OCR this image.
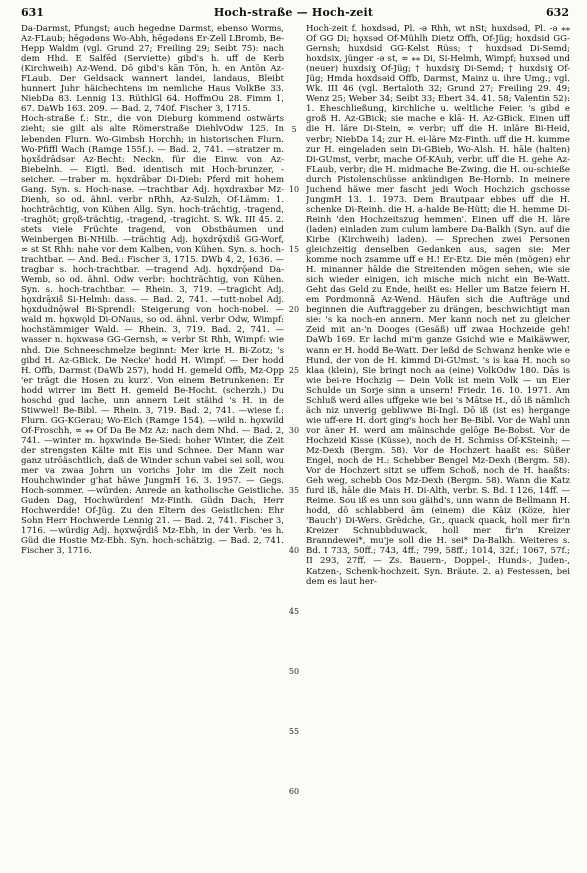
631	Hoch-straße — Hoch-zeit	632

Da-Darmst, Pfungst; auch hegedne Darmst, ebenso Worms, Az-FLaub; hēgǝdǝns Wo-Abh, hēgǝdǝns Er-Zell LBromb, Be-Hepp Waldm (vgl. Grund 27; Freiling 29; Seibt 75): nach dem Hhd. E Salfēd (Serviette) gibd's h. uff de Kerb (Kirchweih) Az-Wend. Dō gibd's kān Tōn, h. en Antōn Az-FLaub. Der Geldsack wannert landei, landaus, Bleibt hunnert Juhr häichechtens im nemliche Haus VolkBe 33. NiebDa 83. Lennig 13. RüthlGl 64. HoffmOu 28. Fimm 1, 67. DaWb 163. 209. — Bad. 2, 740f. Fischer 3, 1715.

Hoch-straße f.: Str., die von Dieburg kommend ostwärts zieht; sie gilt als alte Römerstraße DiehlvOdw 125. In lebenden Flurn. Wo-Gimbsh Horchh; in historischen Flurn. Wo-Pfiffl Wach (Ramge 155f.). — Bad. 2, 741. —stratzer m. hǫxšdrādsǝr Az-Becht: Neckn. für die Einw. von Az-Biebelnh. — Eigtl. Bed. identisch mit Hoch-brunzer, -seicher. —traber m. hǫxdrābǝr Di-Dieb: Pferd mit hohem Gang. Syn. s. Hoch-nase. —trachtbar Adj. hǫxdraxbǝr Mz-Dienh, so od. ähnl. verbr nRhh, Az-Sulzh, Of-Lämm: 1. hochträchtig, von Kühen Allg. Syn. hoch-trächtig, -tragend, -traghöt; grǫß-trächtig, -tragend, -tragicht. S. Wk. III 45. 2. stets viele Früchte tragend, von Obstbäumen und Weinbergen Bi-NHilb. —trächtig Adj. hǫxdrę̄xdiš GG-Worf, ∞ st St Rhh: nahe vor dem Kalben, von Kühen. Syn. s. hoch-trachtbar. — And. Bed.: Fischer 3, 1715. DWb 4, 2, 1636. —tragbar s. hoch-trachtbar. —tragend Adj. hǫxdrǭǝnd Da-Wemb, so od. ähnl. Odw verbr: hochträchtig, von Kühen. Syn. s. hoch-trachtbar. — Rhein. 3, 719. —tragicht Adj. hǫxdrā̜xiš Si-Helmh: dass. — Bad. 2, 741. —tutt-nobel Adj. hǫxdudnǭwǝl Bi-Sprendl: Steigerung von hoch-nobel. —wald m. hǫxwǫld Di-ONaus, so od. ähnl. verbr Odw, Wimpf: hochstämmiger Wald. — Rhein. 3, 719. Bad. 2, 741. —wasser n. hǫxwasǝ GG-Gernsh, ∞ verbr St Rhh, Wimpf: wie nhd. Die Schneeschmelze beginnt: Mer krie H. Bi-Zotz; 's gibd H. Az-GBick. De Necke' hodd H. Wimpf. — Der hodd H. Offb, Darmst (DaWb 257), hodd H. gemeld Offb, Mz-Opp 'er trägt die Hosen zu kurz'. Von einem Betrunkenen: Er hodd wirrer im Bett H. gemeld Be-Hocht. (scherzh.) Du hoschd gud lache, unn annern Leit stäihd 's H. in de Stiwwel! Be-Bibl. — Rhein. 3, 719. Bad. 2, 741. —wiese f.: Flurn. GG-KGerau; Wo-Eich (Ramge 154). —wild n. hǫxwild Of-Froschh, ∞ ⁎⁎ Of Da Be Mz Az: nach dem Nhd. — Bad. 2, 741. —winter m. hǫxwindǝ Be-Sied: hoher Winter, die Zeit der strengsten Kälte mit Eis und Schnee. Der Mann war ganz utrōäschtlich, daß de Winder schun vabei sei soll, wou mer va zwaa Johrn un vorichs Johr im die Zeit noch Houhchwinder g'hat häwe JungmH 16. 3. 1957. — Gegs. Hoch-sommer. —würden: Anrede an katholische Geistliche. Guden Dag, Hochwürden! Mz-Finth. Güdn Dach, Herr Hochwerdde! Of-Jüg. Zu den Eltern des Geistlichen: Ehr Sohn Herr Hochwerde Lennig 21. — Bad. 2, 741. Fischer 3, 1716. —würdig Adj. hǫxwę̄rdiš Mz-Ebh, in der Verb. 'es h. Güd die Hostie Mz-Ebh. Syn. hoch-schätzig. — Bad. 2, 741. Fischer 3, 1716.

5
10
15
20
25
30
35
40
45
50
55
60

Hoch-zeit f. hoxdsǝd, Pl. -ǝ Rhh, wt nSt; huxdsǝd, Pl. -ǝ ⁎⁎ Of GG Di; hǫxsǝd Of-Mühlh Dietz Offh, Of-Jüg; hoxdsid GG-Gernsh; huxdsid GG-Kelst Rüss; † huxdsǝd Di-Semd; hoxdsix, jünger -ǝ st, ∞ ⁎⁎ Di, Si-Helmh, Wimpf; huxsǝd und (neuer) huxdsiɣ Of-Jüg; † huxdsiɣ Di-Semd; † huxdsiɣ Of-Jüg; Hmda hoxdsǝid Offb, Darmst, Mainz u. ihre Umg.; vgl. Wk. III 46 (vgl. Bertaloth 32; Grund 27; Freiling 29. 49; Wenz 25; Weber 34; Seibt 33; Ebert 34. 41. 58; Valentin 52): 1. Eheschließung, kirchliche u. weltliche Feier. 's gibd e groß H. Az-GBick; sie mache e klā- H. Az-GBick. Einen uff die H. läre Di-Stein, ∞ verbr; uff die H. inläre Bi-Heid, verbr; NiebDa 14; zur H. ei-läre Mz-Finth. uff die H. kumme zur H. eingeladen sein Di-GBieb, Wo-Alsh. H. hāle (halten) Di-GUmst, verbr, mache Of-KAuh, verbr. uff die H. gehe Az-FLaub, verbr; die H. midmache Be-Zwing. die H. ou-schieße durch Pistolenschüsse ankündigen Be-Hornb. In meinere Juchend häwe mer fascht jedi Woch Hochzich gschosse JungmH 13. 1. 1973. Dem Brautpaar ebbes uff die H. schenke Di-Reinh. die H. a-halde Be-Hütt; die H. hemme Di-Reinh 'den Hochzeitszug hemmen'. Einen uff die H. läre (laden) einladen zum culum lambere Da-Balkh (Syn. auf die Kirbe (Kirchweih) laden). — Sprechen zwei Personen gleichzeitig denselben Gedanken aus, sagen sie: Mer komme noch zsamme uff e H.! Er-Etz. Die mēn (mögen) ehr H. minanner hālde die Streitenden mögen sehen, wie sie sich wieder einigen, ich mische mich nicht ein Be-Watt. Geht das Geld zu Ende, heißt es: Heller um Batze feiern H. em Pordmonnā Az-Wend. Häufen sich die Aufträge und beginnen die Auftraggeber zu drängen, beschwichtigt man sie: 's ka noch-en annern. Mer kann noch net zu gleicher Zeid mit an-'n Dooges (Gesäß) uff zwaa Hochzeide geh! DaWb 169. Er lachd mi'm ganze Gsichd wie e Maikäwwer, wann er H. hodd Be-Watt. Der leßd de Schwanz henke wie e Hund, der von de H. kimmd Di-GUmst. 's is kaa H. noch so klaa (klein), Sie bringt noch aa (eine) VolkOdw 180. Dās is wie bei-re Hochzig — Dein Volk ist mein Volk — un Eier Schulde un Sorje sinn a unsern! Friedr. 16. 10. 1971. Am Schluß werd alles uffgeke wie bei 's Mātse H., dō iß nämlich äch niz unverig gebliwwe Bi-Ingl. Dō iß (ist es) hergange wie uff-ere H. dort ging's hoch her Be-Bibl. Vor de Wahl unn vor äner H. werd am mäinschde gelōge Be-Bobst. Vor de Hochzeid Kisse (Küsse), noch de H. Schmiss Of-KSteinh; — Mz-Dexh (Bergm. 58). Vor de Hochzert haaßt es: Süßer Engel, noch de H.: Schebber Bengel Mz-Dexh (Bergm. 58). Vor de Hochzert sitzt se uffem Schoß, noch de H. haaßts: Geh weg, schebb Oos Mz-Dexh (Bergm. 58). Wann die Katz furd iß, hāle die Mais H. Di-Alth, verbr. S. Bd. I 126, 14ff. — Reime. Sou iß es unn sou gäihd's, unn wann de Bellmann H. hodd, dō schlabberd ām (einem) die Käiz (Köze, hier 'Bauch') Di-Wers. Grëdche, Gr., quack quack, holl mer fir'n Kreizer Schnubbduwack, holl mer fir'n Kreizer Branndewei*, mu'je soll die H. sei* Da-Balkh. Weiteres s. Bd. I 733, 50ff.; 743, 4ff.; 799, 58ff.; 1014, 32f.; 1067, 57f.; II 293, 27ff. — Zs. Bauern-, Doppel-, Hunds-, Juden-, Katzen-, Schenk-hochzeit. Syn. Bräute. 2. a) Festessen, bei dem es laut her-
